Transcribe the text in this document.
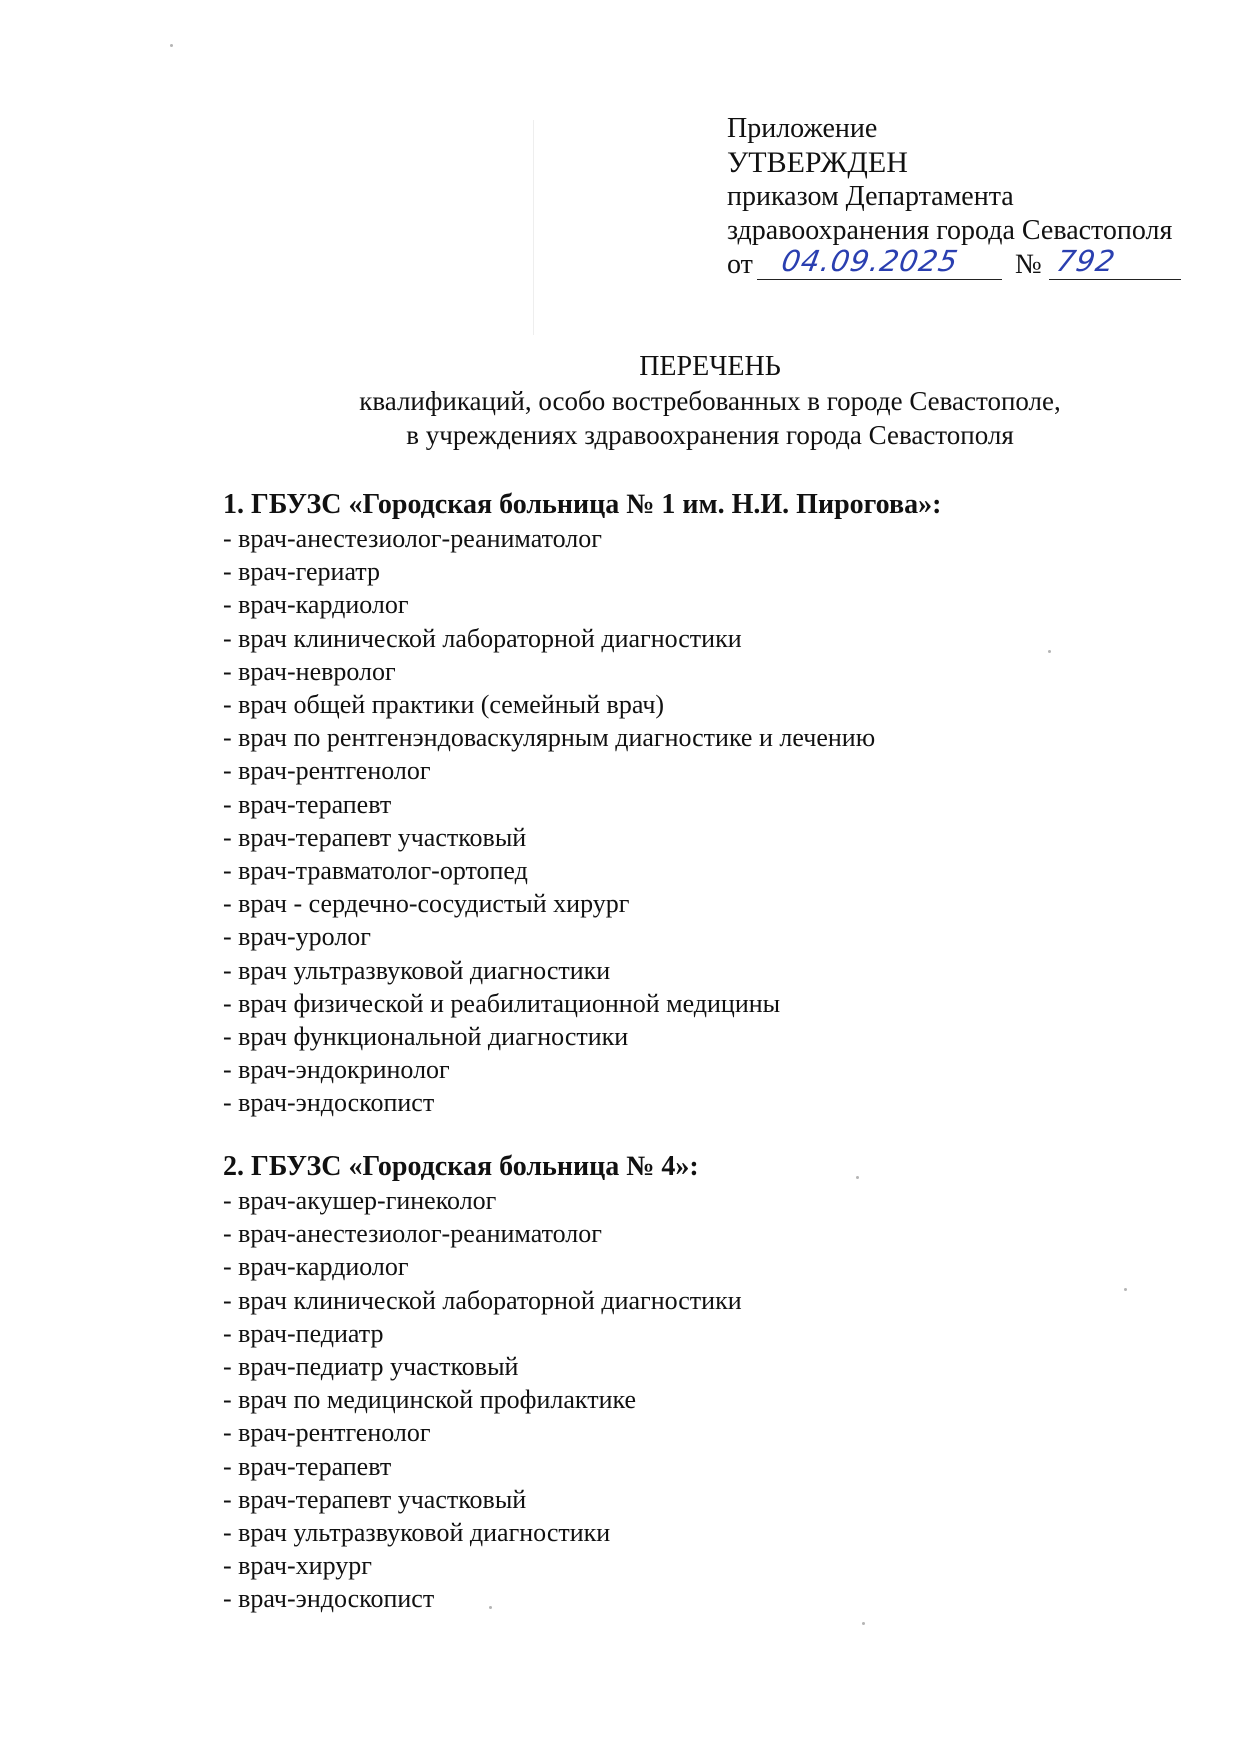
Приложение
УТВЕРЖДЕН
приказом Департамента
здравоохранения города Севастополя
от 04.09.2025 № 792
ПЕРЕЧЕНЬ
квалификаций, особо востребованных в городе Севастополе,
в учреждениях здравоохранения города Севастополя
1. ГБУЗС «Городская больница № 1 им. Н.И. Пирогова»:
- врач-анестезиолог-реаниматолог
- врач-гериатр
- врач-кардиолог
- врач клинической лабораторной диагностики
- врач-невролог
- врач общей практики (семейный врач)
- врач по рентгенэндоваскулярным диагностике и лечению
- врач-рентгенолог
- врач-терапевт
- врач-терапевт участковый
- врач-травматолог-ортопед
- врач - сердечно-сосудистый хирург
- врач-уролог
- врач ультразвуковой диагностики
- врач физической и реабилитационной медицины
- врач функциональной диагностики
- врач-эндокринолог
- врач-эндоскопист
2. ГБУЗС «Городская больница № 4»:
- врач-акушер-гинеколог
- врач-анестезиолог-реаниматолог
- врач-кардиолог
- врач клинической лабораторной диагностики
- врач-педиатр
- врач-педиатр участковый
- врач по медицинской профилактике
- врач-рентгенолог
- врач-терапевт
- врач-терапевт участковый
- врач ультразвуковой диагностики
- врач-хирург
- врач-эндоскопист
